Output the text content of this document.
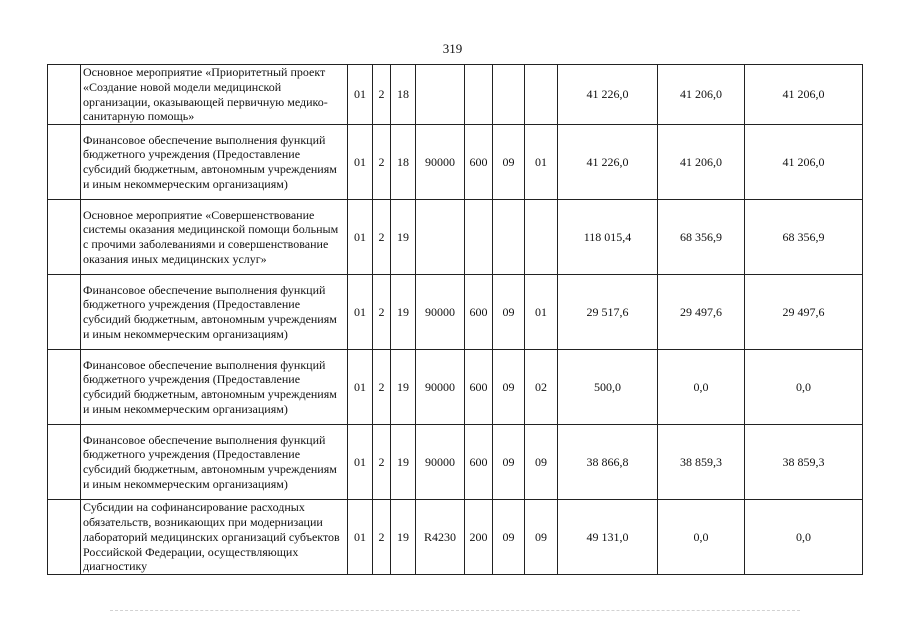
319
	Основное мероприятие «Приоритетный проект «Создание новой модели медицинской организации, оказывающей первичную медико-санитарную помощь»	01	2	18					41 226,0	41 206,0	41 206,0
	Финансовое обеспечение выполнения функций бюджетного учреждения (Предоставление субсидий бюджетным, автономным учреждениям и иным некоммерческим организациям)	01	2	18	90000	600	09	01	41 226,0	41 206,0	41 206,0
	Основное мероприятие «Совершенствование системы оказания медицинской помощи больным с прочими заболеваниями и совершенствование оказания иных медицинских услуг»	01	2	19					118 015,4	68 356,9	68 356,9
	Финансовое обеспечение выполнения функций бюджетного учреждения (Предоставление субсидий бюджетным, автономным учреждениям и иным некоммерческим организациям)	01	2	19	90000	600	09	01	29 517,6	29 497,6	29 497,6
	Финансовое обеспечение выполнения функций бюджетного учреждения (Предоставление субсидий бюджетным, автономным учреждениям и иным некоммерческим организациям)	01	2	19	90000	600	09	02	500,0	0,0	0,0
	Финансовое обеспечение выполнения функций бюджетного учреждения (Предоставление субсидий бюджетным, автономным учреждениям и иным некоммерческим организациям)	01	2	19	90000	600	09	09	38 866,8	38 859,3	38 859,3
	Субсидии на софинансирование расходных обязательств, возникающих при модернизации лабораторий медицинских организаций субъектов Российской Федерации, осуществляющих диагностику	01	2	19	R4230	200	09	09	49 131,0	0,0	0,0
